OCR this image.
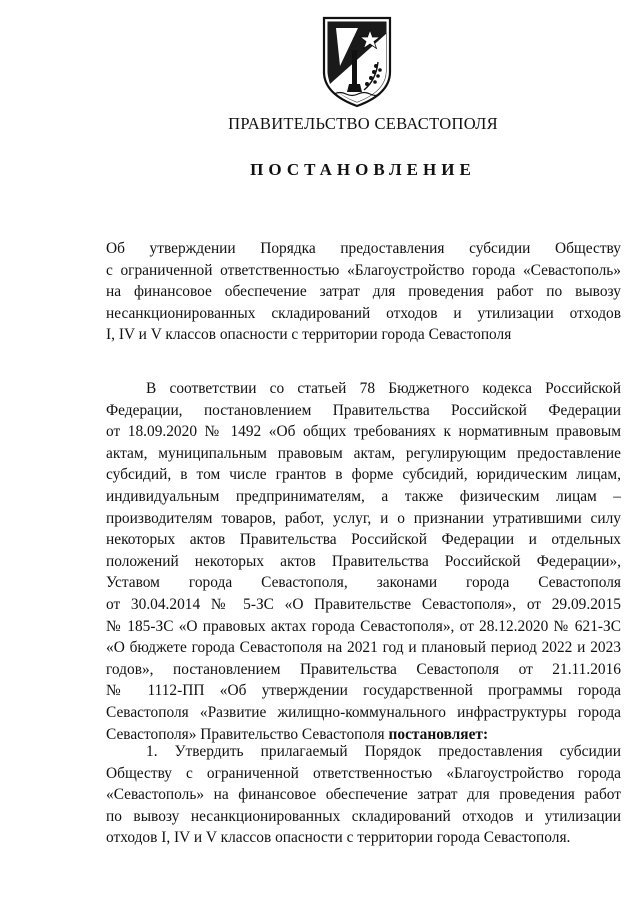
ПРАВИТЕЛЬСТВО СЕВАСТОПОЛЯ
ПОСТАНОВЛЕНИЕ
Об утверждении Порядка предоставления субсидии Обществу
с ограниченной ответственностью «Благоустройство города «Севастополь»
на финансовое обеспечение затрат для проведения работ по вывозу
несанкционированных складирований отходов и утилизации отходов
I, IV и V классов опасности с территории города Севастополя
В соответствии со статьей 78 Бюджетного кодекса Российской
Федерации, постановлением Правительства Российской Федерации
от 18.09.2020 № 1492 «Об общих требованиях к нормативным правовым
актам, муниципальным правовым актам, регулирующим предоставление
субсидий, в том числе грантов в форме субсидий, юридическим лицам,
индивидуальным предпринимателям, а также физическим лицам –
производителям товаров, работ, услуг, и о признании утратившими силу
некоторых актов Правительства Российской Федерации и отдельных
положений некоторых актов Правительства Российской Федерации»,
Уставом города Севастополя, законами города Севастополя
от 30.04.2014 № 5-ЗС «О Правительстве Севастополя», от 29.09.2015
№ 185-ЗС «О правовых актах города Севастополя», от 28.12.2020 № 621-ЗС
«О бюджете города Севастополя на 2021 год и плановый период 2022 и 2023
годов», постановлением Правительства Севастополя от 21.11.2016
№ 1112-ПП «Об утверждении государственной программы города
Севастополя «Развитие жилищно-коммунального инфраструктуры города
Севастополя» Правительство Севастополя постановляет:
1. Утвердить прилагаемый Порядок предоставления субсидии
Обществу с ограниченной ответственностью «Благоустройство города
«Севастополь» на финансовое обеспечение затрат для проведения работ
по вывозу несанкционированных складирований отходов и утилизации
отходов I, IV и V классов опасности с территории города Севастополя.
